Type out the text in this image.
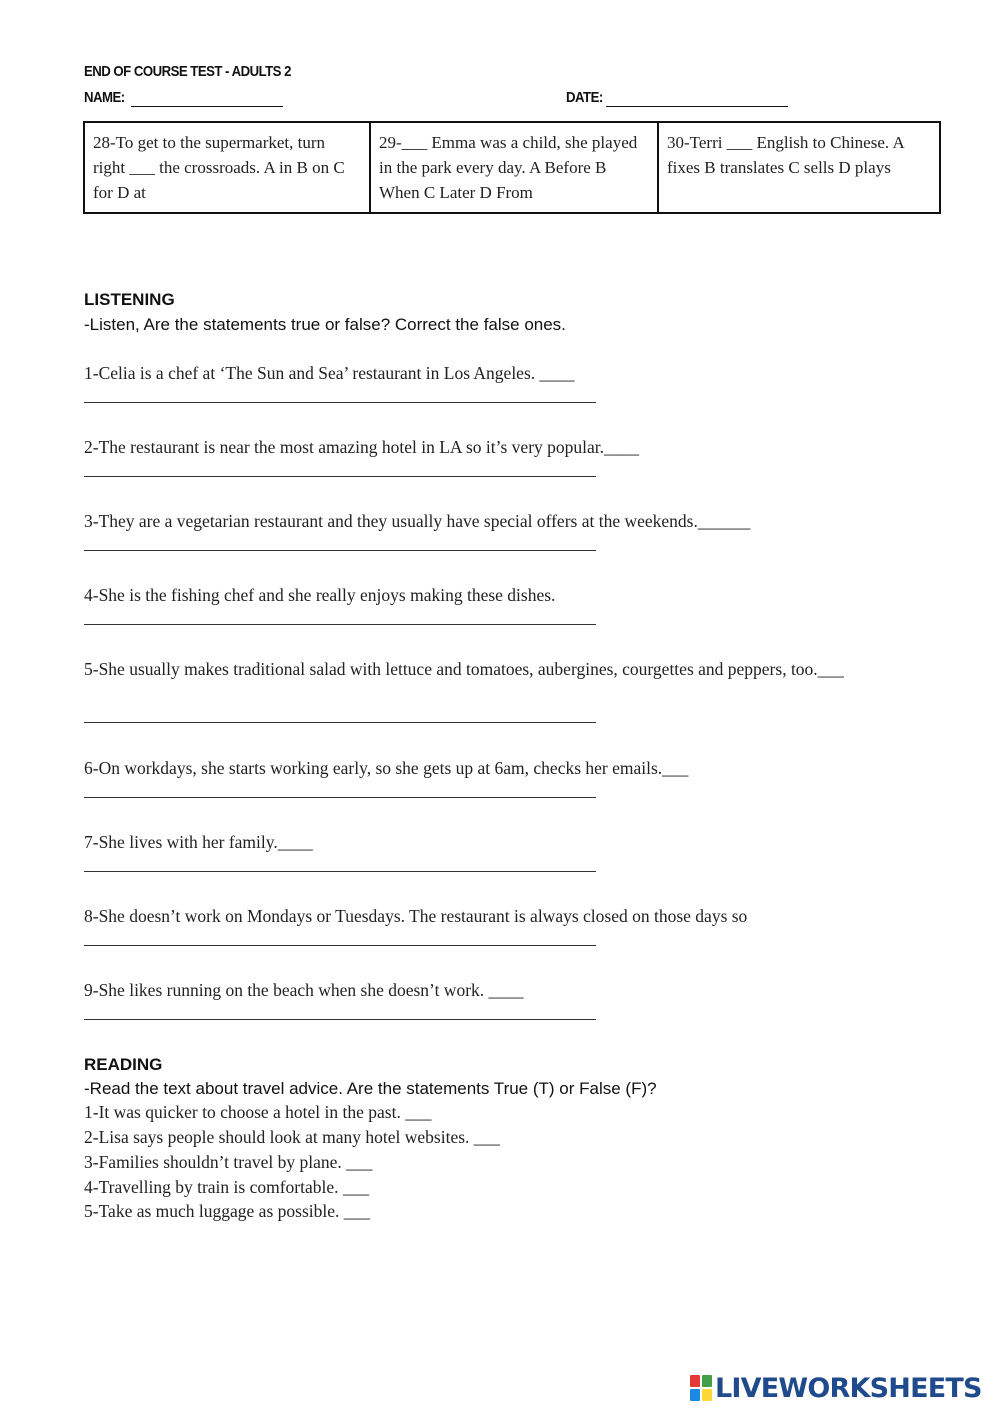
END OF COURSE TEST - ADULTS 2
NAME:	DATE:
28-To get to the supermarket, turn right ___ the crossroads. A in B on C for D at	29-___ Emma was a child, she played in the park every day. A Before B When C Later D From	30-Terri ___ English to Chinese. A fixes B translates C sells D plays
LISTENING
-Listen, Are the statements true or false? Correct the false ones.
1-Celia is a chef at ‘The Sun and Sea’ restaurant in Los Angeles. ____
2-The restaurant is near the most amazing hotel in LA so it’s very popular.____
3-They are a vegetarian restaurant and they usually have special offers at the weekends.______
4-She is the fishing chef and she really enjoys making these dishes.
5-She usually makes traditional salad with lettuce and tomatoes, aubergines, courgettes and peppers, too.___
6-On workdays, she starts working early, so she gets up at 6am, checks her emails.___
7-She lives with her family.____
8-She doesn’t work on Mondays or Tuesdays. The restaurant is always closed on those days so
9-She likes running on the beach when she doesn’t work. ____
READING
-Read the text about travel advice. Are the statements True (T) or False (F)?
1-It was quicker to choose a hotel in the past. ___
2-Lisa says people should look at many hotel websites. ___
3-Families shouldn’t travel by plane. ___
4-Travelling by train is comfortable. ___
5-Take as much luggage as possible. ___
LIVEWORKSHEETS
